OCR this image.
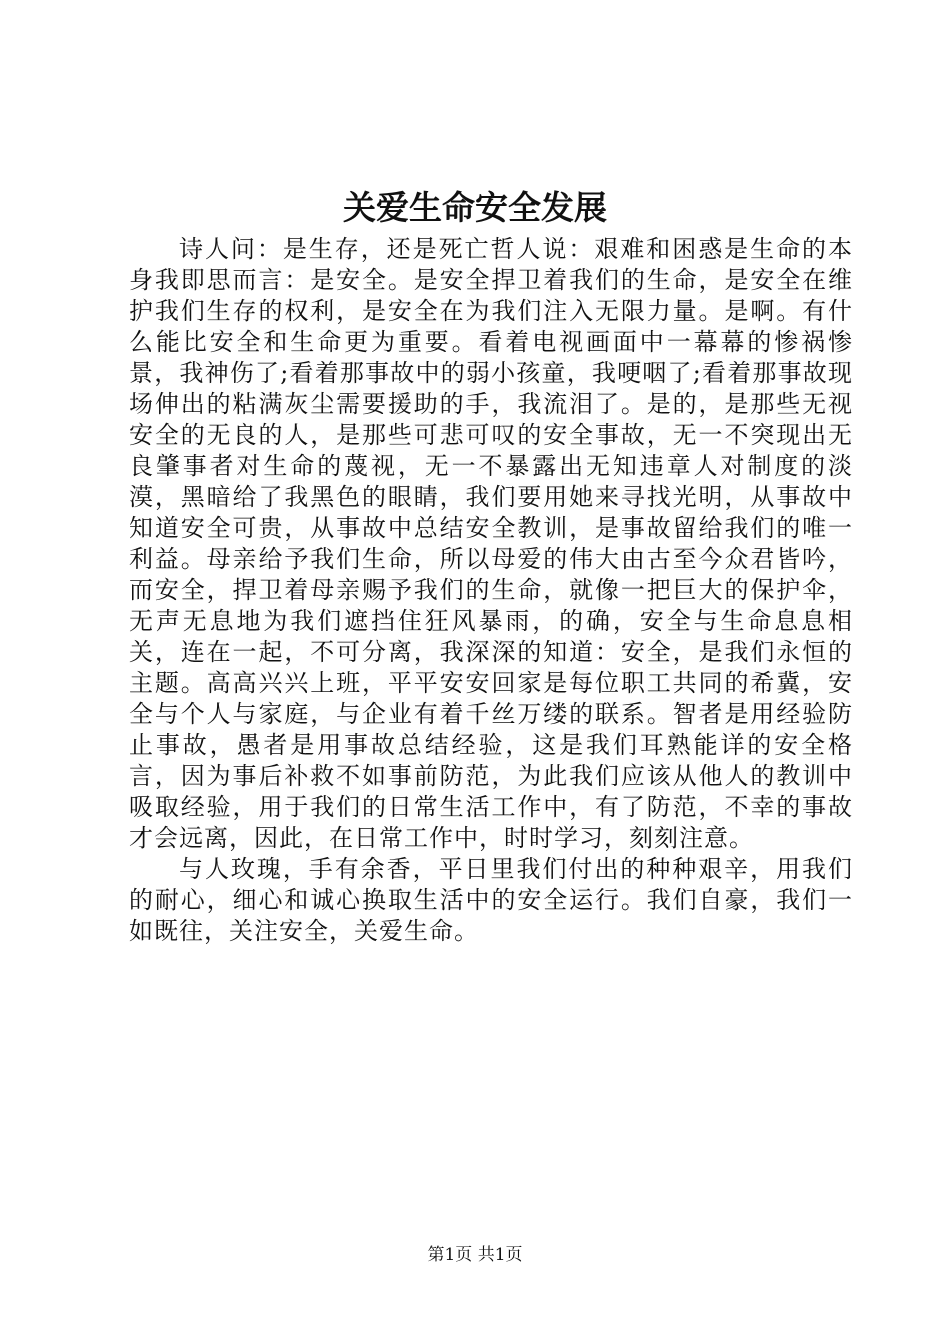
关爱生命安全发展

诗人问：是生存，还是死亡哲人说：艰难和困惑是生命的本身我即思而言：是安全。是安全捍卫着我们的生命，是安全在维护我们生存的权利，是安全在为我们注入无限力量。是啊。有什么能比安全和生命更为重要。看着电视画面中一幕幕的惨祸惨景，我神伤了;看着那事故中的弱小孩童，我哽咽了;看着那事故现场伸出的粘满灰尘需要援助的手，我流泪了。是的，是那些无视安全的无良的人，是那些可悲可叹的安全事故，无一不突现出无良肇事者对生命的蔑视，无一不暴露出无知违章人对制度的淡漠，黑暗给了我黑色的眼睛，我们要用她来寻找光明，从事故中知道安全可贵，从事故中总结安全教训，是事故留给我们的唯一利益。母亲给予我们生命，所以母爱的伟大由古至今众君皆吟，而安全，捍卫着母亲赐予我们的生命，就像一把巨大的保护伞，无声无息地为我们遮挡住狂风暴雨，的确，安全与生命息息相关，连在一起，不可分离，我深深的知道：安全，是我们永恒的主题。高高兴兴上班，平平安安回家是每位职工共同的希冀，安全与个人与家庭，与企业有着千丝万缕的联系。智者是用经验防止事故，愚者是用事故总结经验，这是我们耳熟能详的安全格言，因为事后补救不如事前防范，为此我们应该从他人的教训中吸取经验，用于我们的日常生活工作中，有了防范，不幸的事故才会远离，因此，在日常工作中，时时学习，刻刻注意。

与人玫瑰，手有余香，平日里我们付出的种种艰辛，用我们的耐心，细心和诚心换取生活中的安全运行。我们自豪，我们一如既往，关注安全，关爱生命。

第1页 共1页
